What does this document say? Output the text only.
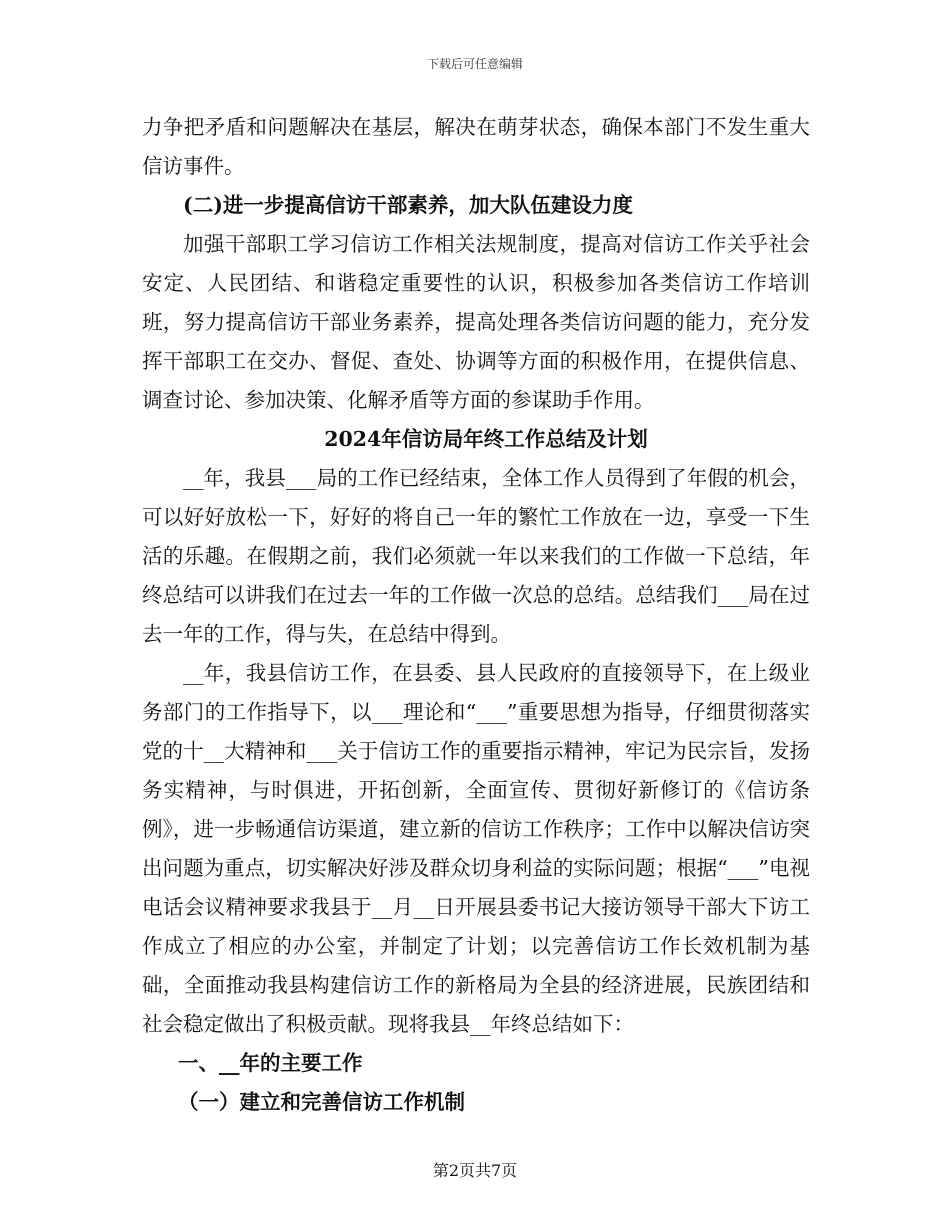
下载后可任意编辑

力争把矛盾和问题解决在基层，解决在萌芽状态，确保本部门不发生重大信访事件。

(二)进一步提高信访干部素养，加大队伍建设力度

加强干部职工学习信访工作相关法规制度，提高对信访工作关乎社会安定、人民团结、和谐稳定重要性的认识，积极参加各类信访工作培训班，努力提高信访干部业务素养，提高处理各类信访问题的能力，充分发挥干部职工在交办、督促、查处、协调等方面的积极作用，在提供信息、调查讨论、参加决策、化解矛盾等方面的参谋助手作用。

2024年信访局年终工作总结及计划

__年，我县___局的工作已经结束，全体工作人员得到了年假的机会，可以好好放松一下，好好的将自己一年的繁忙工作放在一边，享受一下生活的乐趣。在假期之前，我们必须就一年以来我们的工作做一下总结，年终总结可以讲我们在过去一年的工作做一次总的总结。总结我们___局在过去一年的工作，得与失，在总结中得到。

__年，我县信访工作，在县委、县人民政府的直接领导下，在上级业务部门的工作指导下，以___理论和“___”重要思想为指导，仔细贯彻落实党的十__大精神和___关于信访工作的重要指示精神，牢记为民宗旨，发扬务实精神，与时俱进，开拓创新，全面宣传、贯彻好新修订的《信访条例》，进一步畅通信访渠道，建立新的信访工作秩序；工作中以解决信访突出问题为重点，切实解决好涉及群众切身利益的实际问题；根据“___”电视电话会议精神要求我县于__月__日开展县委书记大接访领导干部大下访工作成立了相应的办公室，并制定了计划；以完善信访工作长效机制为基础，全面推动我县构建信访工作的新格局为全县的经济进展，民族团结和社会稳定做出了积极贡献。现将我县__年终总结如下：

一、__年的主要工作

（一）建立和完善信访工作机制

第2页共7页
